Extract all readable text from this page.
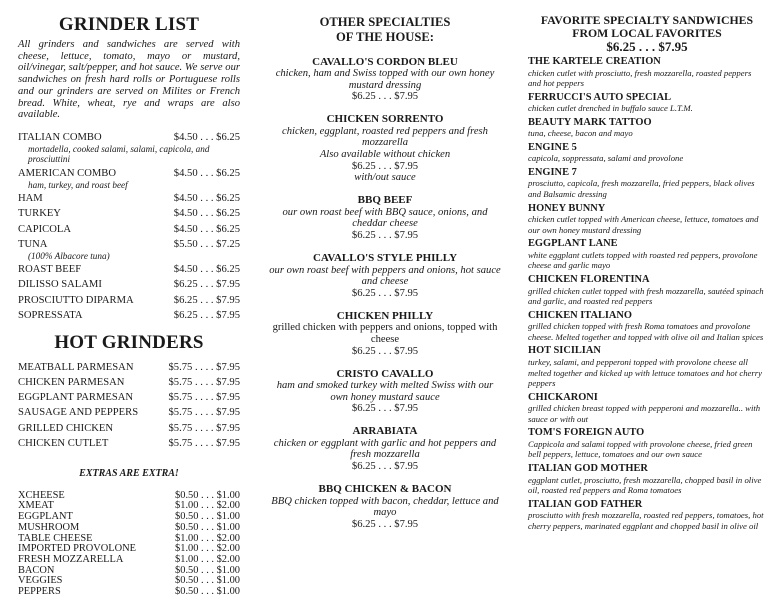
GRINDER LIST

All grinders and sandwiches are served with cheese, lettuce, tomato, mayo or mustard, oil/vinegar, salt/pepper, and hot sauce. We serve our sandwiches on fresh hard rolls or Portuguese rolls and our grinders are served on Milites or French bread. White, wheat, rye and wraps are also available.

ITALIAN COMBO	$4.50 . . . $6.25
mortadella, cooked salami, salami, capicola, and prosciuttini
AMERICAN COMBO	$4.50 . . . $6.25
ham, turkey, and roast beef
HAM	$4.50 . . . $6.25
TURKEY	$4.50 . . . $6.25
CAPICOLA	$4.50 . . . $6.25
TUNA	$5.50 . . . $7.25
(100% Albacore tuna)
ROAST BEEF	$4.50 . . . $6.25
DILISSO SALAMI	$6.25 . . . $7.95
PROSCIUTTO DIPARMA	$6.25 . . . $7.95
SOPRESSATA	$6.25 . . . $7.95
HOT GRINDERS
MEATBALL PARMESAN	$5.75 . . . . $7.95
CHICKEN PARMESAN	$5.75 . . . . $7.95
EGGPLANT PARMESAN	$5.75 . . . . $7.95
SAUSAGE AND PEPPERS	$5.75 . . . . $7.95
GRILLED CHICKEN	$5.75 . . . . $7.95
CHICKEN CUTLET	$5.75 . . . . $7.95
EXTRAS ARE EXTRA!
XCHEESE	$0.50 . . . $1.00
XMEAT	$1.00 . . . $2.00
EGGPLANT	$0.50 . . . $1.00
MUSHROOM	$0.50 . . . $1.00
TABLE CHEESE	$1.00 . . . $2.00
IMPORTED PROVOLONE	$1.00 . . . $2.00
FRESH MOZZARELLA	$1.00 . . . $2.00
BACON	$0.50 . . . $1.00
VEGGIES	$0.50 . . . $1.00
PEPPERS	$0.50 . . . $1.00
OTHER SPECIALTIES
OF THE HOUSE:
CAVALLO'S CORDON BLEU
chicken, ham and Swiss topped with our own honey mustard dressing
$6.25 . . . $7.95
CHICKEN SORRENTO
chicken, eggplant, roasted red peppers and fresh mozzarella
Also available without chicken
$6.25 . . . $7.95
with/out sauce
BBQ BEEF
our own roast beef with BBQ sauce, onions, and cheddar cheese
$6.25 . . . $7.95
CAVALLO'S STYLE PHILLY
our own roast beef with peppers and onions, hot sauce and cheese
$6.25 . . . $7.95
CHICKEN PHILLY
grilled chicken with peppers and onions, topped with cheese
$6.25 . . . $7.95
CRISTO CAVALLO
ham and smoked turkey with melted Swiss with our own honey mustard sauce
$6.25 . . . $7.95
ARRABIATA
chicken or eggplant with garlic and hot peppers and fresh mozzarella
$6.25 . . . $7.95
BBQ CHICKEN & BACON
BBQ chicken topped with bacon, cheddar, lettuce and mayo
$6.25 . . . $7.95
FAVORITE SPECIALTY SANDWICHES
FROM LOCAL FAVORITES
$6.25 . . . $7.95
THE KARTELE CREATION
chicken cutlet with prosciutto, fresh mozzarella, roasted peppers and hot peppers
FERRUCCI'S AUTO SPECIAL
chicken cutlet drenched in buffalo sauce L.T.M.
BEAUTY MARK TATTOO
tuna, cheese, bacon and mayo
ENGINE 5
capicola, soppressata, salami and provolone
ENGINE 7
prosciutto, capicola, fresh mozzarella, fried peppers, black olives and Balsamic dressing
HONEY BUNNY
chicken cutlet topped with American cheese, lettuce, tomatoes and our own honey mustard dressing
EGGPLANT LANE
white eggplant cutlets topped with roasted red peppers, provolone cheese and garlic mayo
CHICKEN FLORENTINA
grilled chicken cutlet topped with fresh mozzarella, sautéed spinach and garlic, and roasted red peppers
CHICKEN ITALIANO
grilled chicken topped with fresh Roma tomatoes and provolone cheese. Melted together and topped with olive oil and Italian spices
HOT SICILIAN
turkey, salami, and pepperoni topped with provolone cheese all melted together and kicked up with lettuce tomatoes and hot cherry peppers
CHICKARONI
grilled chicken breast topped with pepperoni and mozzarella.. with sauce or with out
TOM'S FOREIGN AUTO
Cappicola and salami topped with provolone cheese, fried green bell peppers, lettuce, tomatoes and our own sauce
ITALIAN GOD MOTHER
eggplant cutlet, prosciutto, fresh mozzarella, chopped basil in olive oil, roasted red peppers and Roma tomatoes
ITALIAN GOD FATHER
prosciutto with fresh mozzarella, roasted red peppers, tomatoes, hot cherry peppers, marinated eggplant and chopped basil in olive oil
